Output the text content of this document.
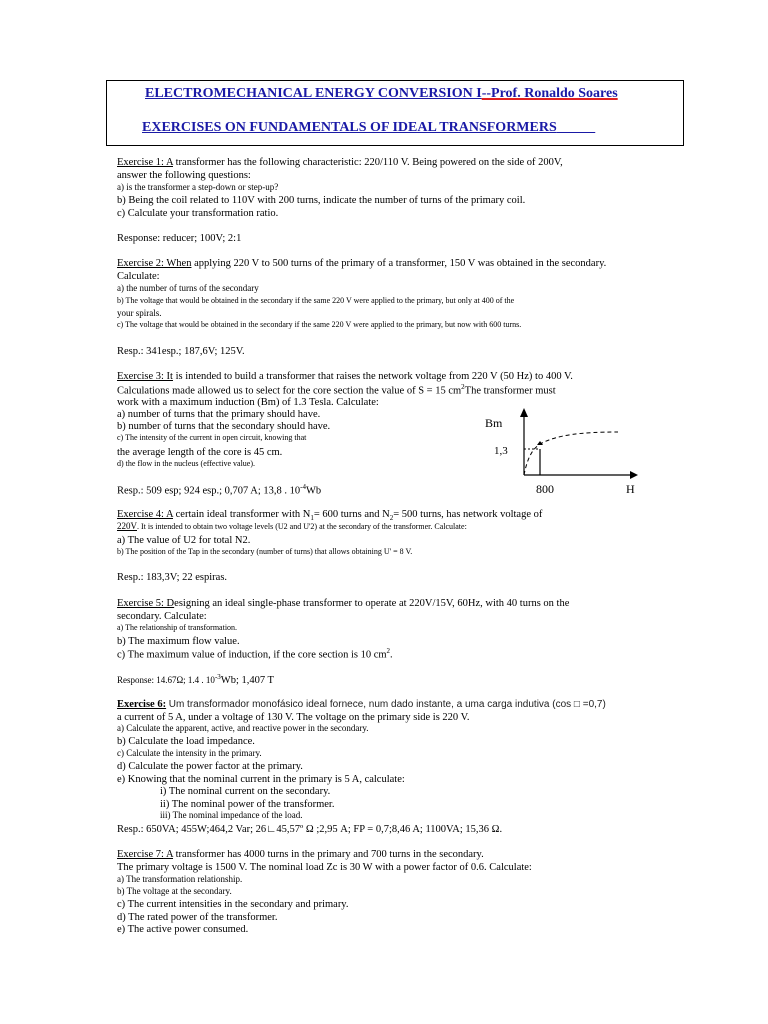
ELECTROMECHANICAL ENERGY CONVERSION I--Prof. Ronaldo Soares
EXERCISES ON FUNDAMENTALS OF IDEAL TRANSFORMERS
Exercise 1: A transformer has the following characteristic: 220/110 V. Being powered on the side of 200V,
answer the following questions:
a) is the transformer a step-down or step-up?
b) Being the coil related to 110V with 200 turns, indicate the number of turns of the primary coil.
c) Calculate your transformation ratio.
Response: reducer; 100V; 2:1
Exercise 2: When applying 220 V to 500 turns of the primary of a transformer, 150 V was obtained in the secondary.
Calculate:
a) the number of turns of the secondary
b) The voltage that would be obtained in the secondary if the same 220 V were applied to the primary, but only at 400 of the
your spirals.
c) The voltage that would be obtained in the secondary if the same 220 V were applied to the primary, but now with 600 turns.
Resp.: 341esp.; 187,6V; 125V.
Exercise 3: It is intended to build a transformer that raises the network voltage from 220 V (50 Hz) to 400 V.
Calculations made allowed us to select for the core section the value of S = 15 $cm^2The$ transformer must
work with a maximum induction (Bm) of 1.3 Tesla. Calculate:
a) number of turns that the primary should have.
b) number of turns that the secondary should have.
c) The intensity of the current in open circuit, knowing that
the average length of the core is 45 cm.
d) the flow in the nucleus (effective value).
Resp.: 509 esp; 924 esp.; 0,707 A; 13,8 . $10^{-4}Wb$
Bm
1,3
800	H
Exercise 4: A certain ideal transformer with $N_1= 600$ turns and $N_2= 500$ turns, has network voltage of
220V. It is intended to obtain two voltage levels (U2 and U'2) at the secondary of the transformer. Calculate:
a) The value of U2 for total N2.
b) The position of the Tap in the secondary (number of turns) that allows obtaining U' = 8 V.
Resp.: 183,3V; 22 espiras.
Exercise 5: Designing an ideal single-phase transformer to operate at 220V/15V, 60Hz, with 40 turns on the
secondary. Calculate:
a) The relationship of transformation.
b) The maximum flow value.
c) The maximum value of induction, if the core section is 10 $cm^2$.
Response: 14.67Ω; 1.4 . $10^{-3}Wb$; 1,407 T
Exercise 6: Um transformador monofásico ideal fornece, num dado instante, a uma carga indutiva (cos □ =0,7)
a current of 5 A, under a voltage of 130 V. The voltage on the primary side is 220 V.
a) Calculate the apparent, active, and reactive power in the secondary.
b) Calculate the load impedance.
c) Calculate the intensity in the primary.
d) Calculate the power factor at the primary.
e) Knowing that the nominal current in the primary is 5 A, calculate:
i) The nominal current on the secondary.
ii) The nominal power of the transformer.
iii) The nominal impedance of the load.
Resp.: 650VA; 455W;464,2 Var; 26∟45,57º Ω ;2,95 A; FP = 0,7;8,46 A; 1100VA; 15,36 Ω.
Exercise 7: A transformer has 4000 turns in the primary and 700 turns in the secondary.
The primary voltage is 1500 V. The nominal load Zc is 30 W with a power factor of 0.6. Calculate:
a) The transformation relationship.
b) The voltage at the secondary.
c) The current intensities in the secondary and primary.
d) The rated power of the transformer.
e) The active power consumed.
